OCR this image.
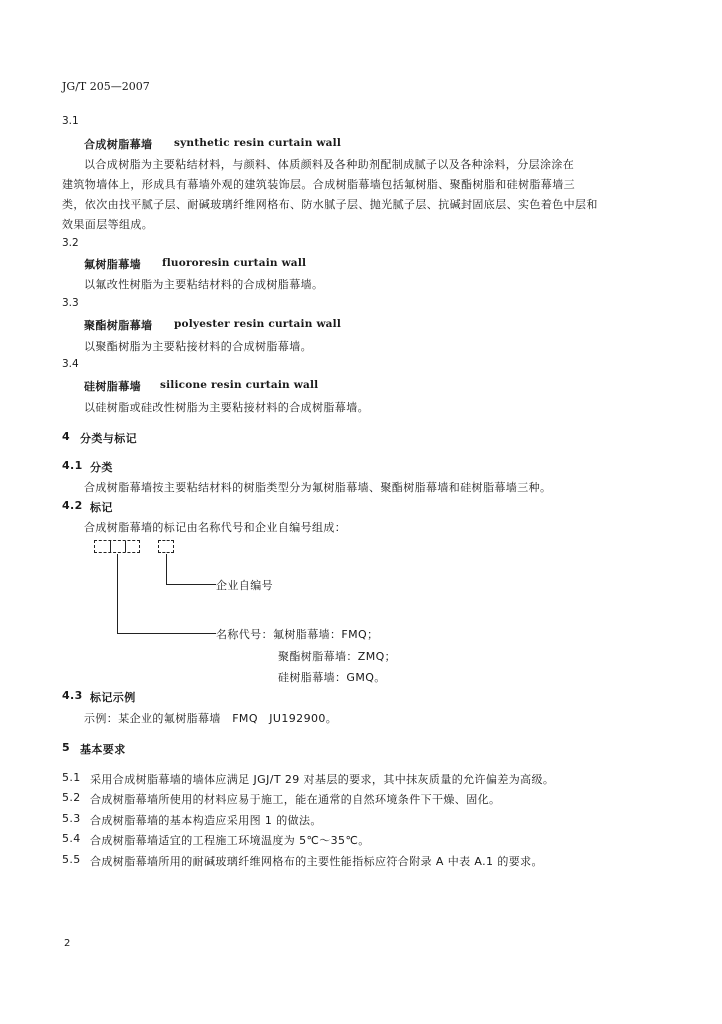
JG/T 205—2007
3.1
合成树脂幕墙 synthetic resin curtain wall
以合成树脂为主要粘结材料，与颜料、体质颜料及各种助剂配制成腻子以及各种涂料，分层涂涂在
建筑物墙体上，形成具有幕墙外观的建筑装饰层。合成树脂幕墙包括氟树脂、聚酯树脂和硅树脂幕墙三
类，依次由找平腻子层、耐碱玻璃纤维网格布、防水腻子层、抛光腻子层、抗碱封固底层、实色着色中层和
效果面层等组成。
3.2
氟树脂幕墙 fluororesin curtain wall
以氟改性树脂为主要粘结材料的合成树脂幕墙。
3.3
聚酯树脂幕墙 polyester resin curtain wall
以聚酯树脂为主要粘接材料的合成树脂幕墙。
3.4
硅树脂幕墙 silicone resin curtain wall
以硅树脂或硅改性树脂为主要粘接材料的合成树脂幕墙。
4 分类与标记
4.1 分类
合成树脂幕墙按主要粘结材料的树脂类型分为氟树脂幕墙、聚酯树脂幕墙和硅树脂幕墙三种。
4.2 标记
合成树脂幕墙的标记由名称代号和企业自编号组成：
企业自编号
名称代号：氟树脂幕墙：FMQ；
聚酯树脂幕墙：ZMQ；
硅树脂幕墙：GMQ。
4.3 标记示例
示例：某企业的氟树脂幕墙　FMQ　JU192900。
5 基本要求
5.1 采用合成树脂幕墙的墙体应满足 JGJ/T 29 对基层的要求，其中抹灰质量的允许偏差为高级。
5.2 合成树脂幕墙所使用的材料应易于施工，能在通常的自然环境条件下干燥、固化。
5.3 合成树脂幕墙的基本构造应采用图 1 的做法。
5.4 合成树脂幕墙适宜的工程施工环境温度为 5℃～35℃。
5.5 合成树脂幕墙所用的耐碱玻璃纤维网格布的主要性能指标应符合附录 A 中表 A.1 的要求。
2
